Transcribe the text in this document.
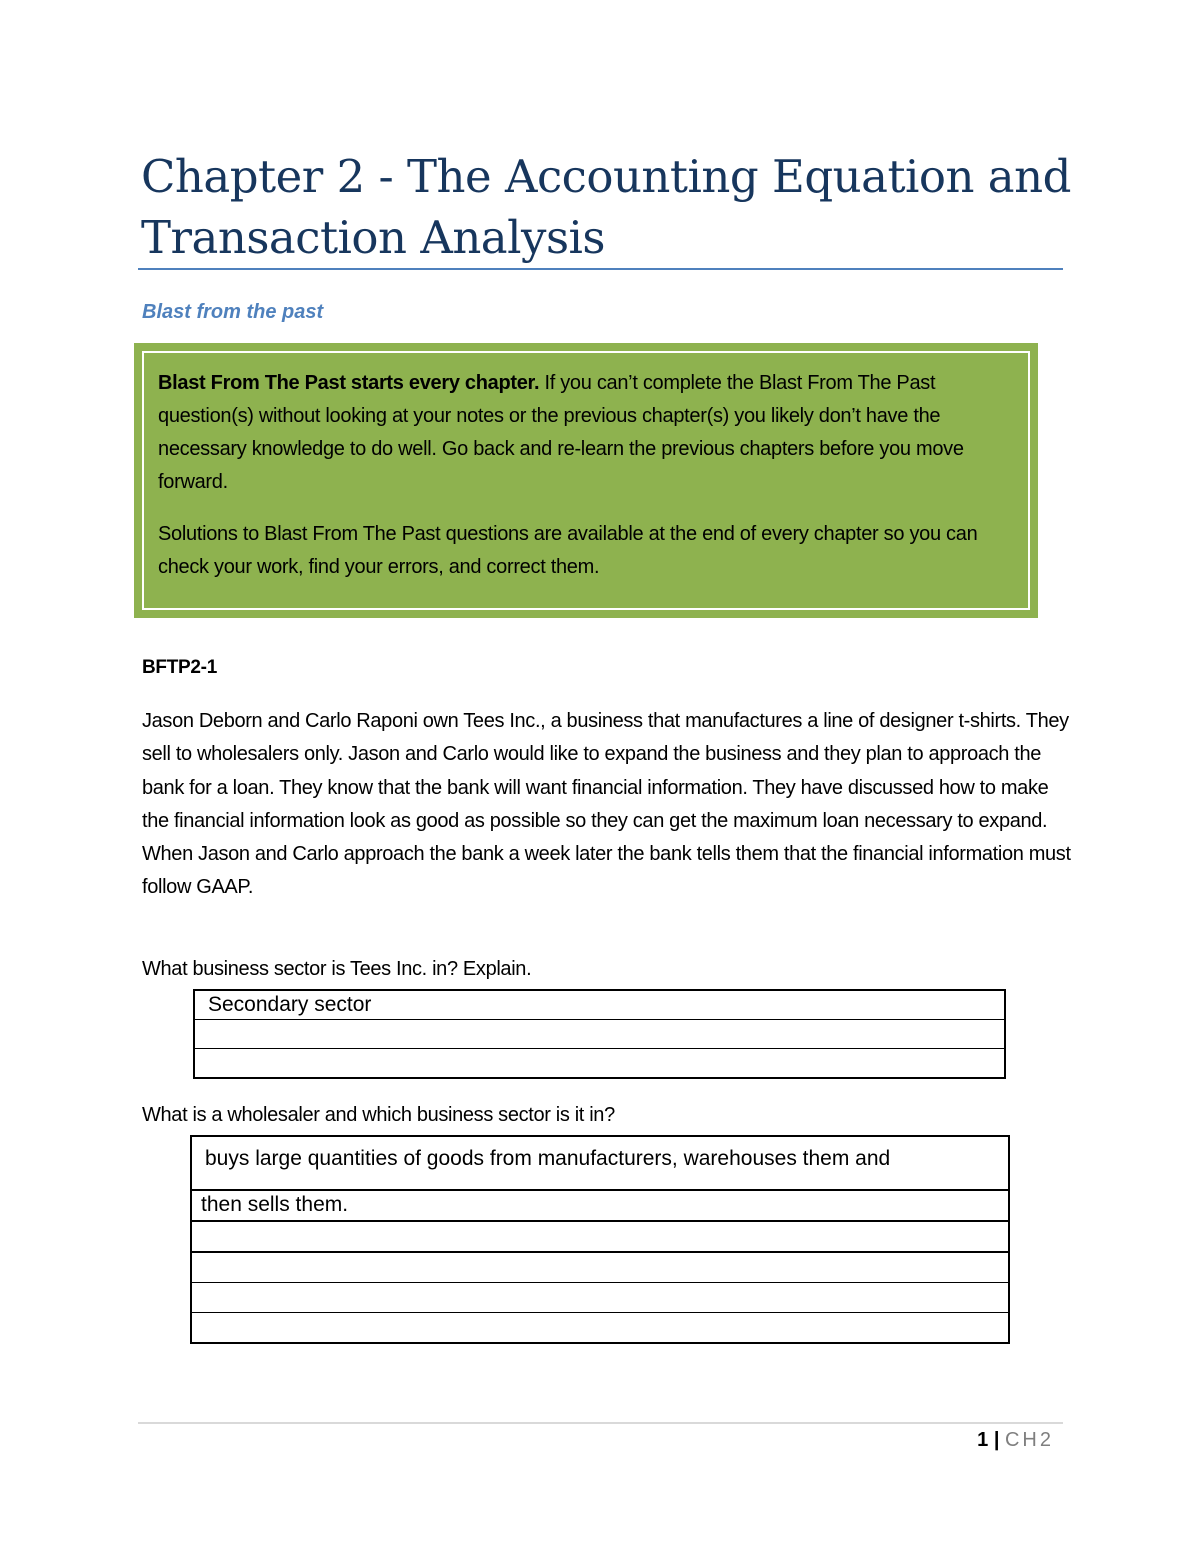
Chapter 2 - The Accounting Equation and
Transaction Analysis
Blast from the past

Blast From The Past starts every chapter. If you can’t complete the Blast From The Past question(s) without looking at your notes or the previous chapter(s) you likely don’t have the necessary knowledge to do well. Go back and re-learn the previous chapters before you move forward.

Solutions to Blast From The Past questions are available at the end of every chapter so you can check your work, find your errors, and correct them.

BFTP2-1
Jason Deborn and Carlo Raponi own Tees Inc., a business that manufactures a line of designer t-shirts. They sell to wholesalers only. Jason and Carlo would like to expand the business and they plan to approach the bank for a loan. They know that the bank will want financial information. They have discussed how to make the financial information look as good as possible so they can get the maximum loan necessary to expand. When Jason and Carlo approach the bank a week later the bank tells them that the financial information must follow GAAP.
What business sector is Tees Inc. in? Explain.
Secondary sector

What is a wholesaler and which business sector is it in?
buys large quantities of goods from manufacturers, warehouses them and
then sells them.

1 | CH2
